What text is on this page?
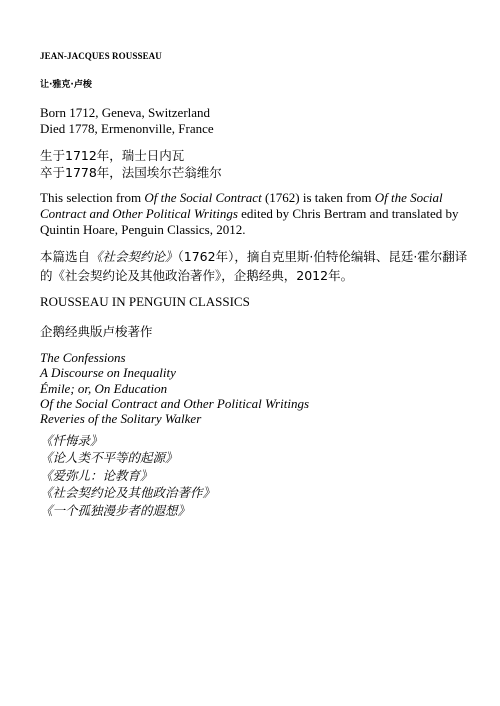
JEAN-JACQUES ROUSSEAU
让·雅克·卢梭
Born 1712, Geneva, Switzerland
Died 1778, Ermenonville, France
生于1712年，瑞士日内瓦
卒于1778年，法国埃尔芒翁维尔
This selection from Of the Social Contract (1762) is taken from Of the Social Contract and Other Political Writings edited by Chris Bertram and translated by Quintin Hoare, Penguin Classics, 2012.
本篇选自《社会契约论》（1762年），摘自克里斯·伯特伦编辑、昆廷·霍尔翻译的《社会契约论及其他政治著作》，企鹅经典，2012年。
ROUSSEAU IN PENGUIN CLASSICS
企鹅经典版卢梭著作
The Confessions
A Discourse on Inequality
Émile; or, On Education
Of the Social Contract and Other Political Writings
Reveries of the Solitary Walker
《忏悔录》
《论人类不平等的起源》
《爱弥儿：论教育》
《社会契约论及其他政治著作》
《一个孤独漫步者的遐想》
